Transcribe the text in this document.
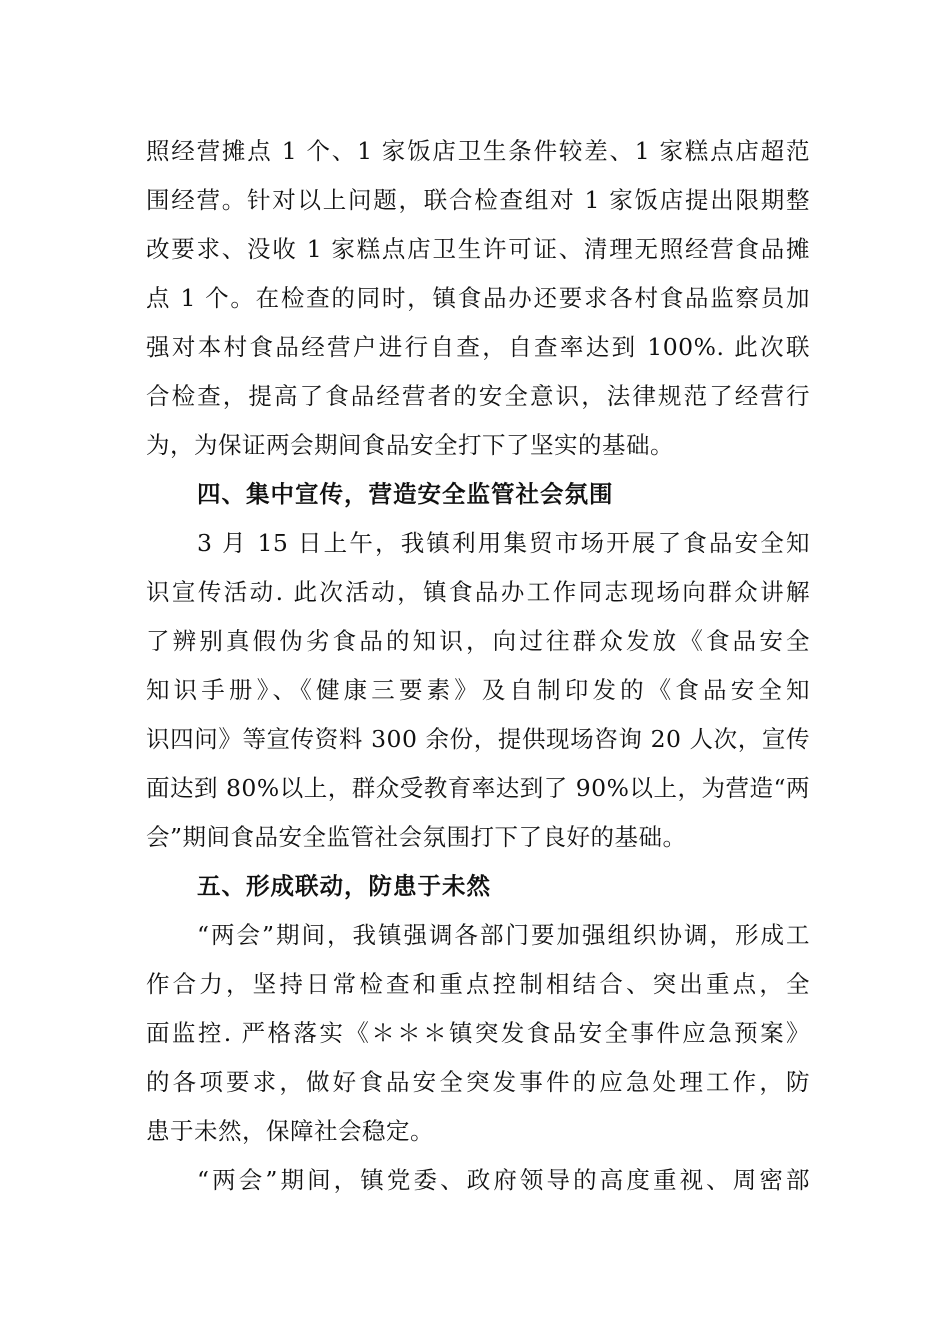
照经营摊点 1 个、1 家饭店卫生条件较差、1 家糕点店超范
围经营。针对以上问题，联合检查组对 1 家饭店提出限期整
改要求、没收 1 家糕点店卫生许可证、清理无照经营食品摊
点 1 个。在检查的同时，镇食品办还要求各村食品监察员加
强对本村食品经营户进行自查，自查率达到 100%. 此次联
合检查，提高了食品经营者的安全意识，法律规范了经营行
为，为保证两会期间食品安全打下了坚实的基础。
四、集中宣传，营造安全监管社会氛围
3 月 15 日上午，我镇利用集贸市场开展了食品安全知
识宣传活动. 此次活动，镇食品办工作同志现场向群众讲解
了辨别真假伪劣食品的知识，向过往群众发放《食品安全
知识手册》、《健康三要素》及自制印发的《食品安全知
识四问》等宣传资料 300 余份，提供现场咨询 20 人次，宣传
面达到 80%以上，群众受教育率达到了 90%以上，为营造“两
会”期间食品安全监管社会氛围打下了良好的基础。
五、形成联动，防患于未然
“两会”期间，我镇强调各部门要加强组织协调，形成工
作合力，坚持日常检查和重点控制相结合、突出重点，全
面监控. 严格落实《＊＊＊镇突发食品安全事件应急预案》
的各项要求，做好食品安全突发事件的应急处理工作，防
患于未然，保障社会稳定。
“两会”期间，镇党委、政府领导的高度重视、周密部
